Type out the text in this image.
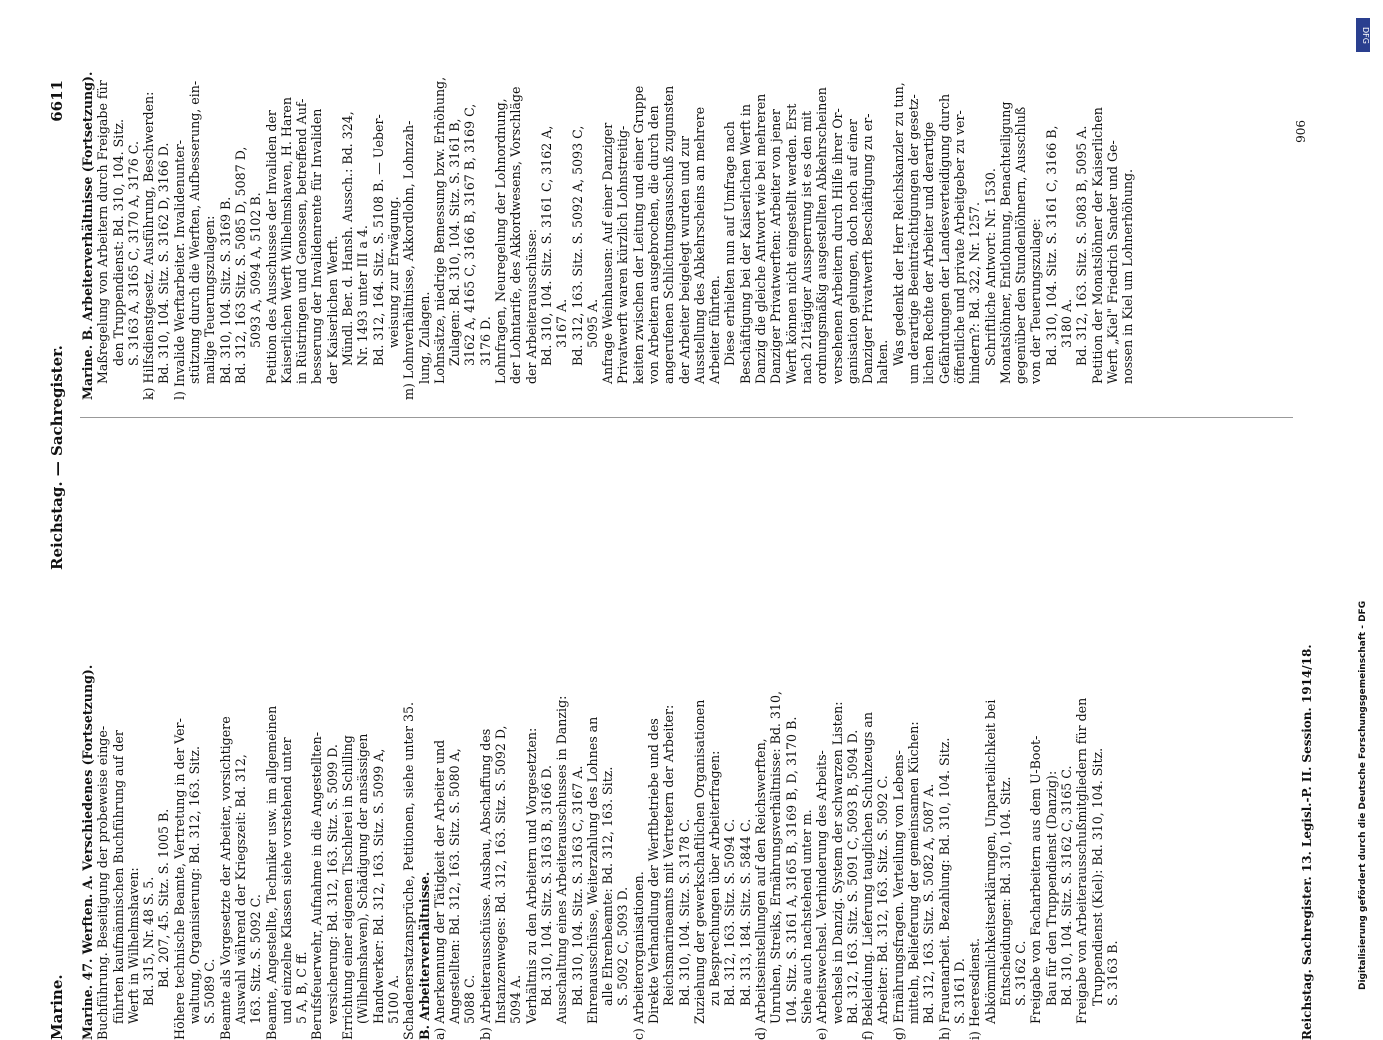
Marine.
Reichstag. — Sachregister.
6611
Marine. 47. Werften. A. Verschiedenes (Fortsetzung). Buchführung. Beseitigung der probeweise einge- führten kaufmännischen Buchführung auf der Werft in Wilhelmshaven: Bd. 315, Nr. 48 S. 5. Bd. 207, 45. Sitz. S. 1005 B. Höhere technische Beamte, Vertretung in der Ver- waltung, Organisierung: Bd. 312, 163. Sitz. S. 5089 C. Beamte als Vorgesetzte der Arbeiter, vorsichtigere Auswahl während der Kriegszeit: Bd. 312, 163. Sitz. S. 5092 C. Beamte, Angestellte, Techniker usw. im allgemeinen und einzelne Klassen siehe vorstehend unter 5 A, B, C ff. Berufsfeuerwehr, Aufnahme in die Angestellten- versicherung: Bd. 312, 163. Sitz. S. 5099 D. Errichtung einer eigenen Tischlerei in Schilling (Wilhelmshaven), Schädigung der ansässigen Handwerker: Bd. 312, 163. Sitz. S. 5099 A, 5100 A. Schadenersatzansprüche, Petitionen, siehe unter 35. B. Arbeiterverhältnisse. a) Anerkennung der Tätigkeit der Arbeiter und Angestellten: Bd. 312, 163. Sitz. S. 5080 A, 5088 C. b) Arbeiterausschüsse. Ausbau, Abschaffung des Instanzenweges: Bd. 312, 163. Sitz. S. 5092 D, 5094 A. Verhältnis zu den Arbeitern und Vorgesetzten: Bd. 310, 104. Sitz. S. 3163 B, 3166 D. Ausschaltung eines Arbeiterausschusses in Danzig: Bd. 310, 104. Sitz. S. 3163 C, 3167 A. Ehrenausschüsse, Weiterzahlung des Lohnes an alle Ehrenbeamte: Bd. 312, 163. Sitz. S. 5092 C, 5093 D. c) Arbeiterorganisationen. Direkte Verhandlung der Werftbetriebe und des Reichsmarineamts mit Vertretern der Arbeiter: Bd. 310, 104. Sitz. S. 3178 C. Zuziehung der gewerkschaftlichen Organisationen zu Besprechungen über Arbeiterfragen: Bd. 312, 163. Sitz. S. 5094 C. Bd. 313, 184. Sitz. S. 5844 C. d) Arbeitseinstellungen auf den Reichswerften, Unruhen, Streiks, Ernährungsverhältnisse: Bd. 310, 104. Sitz. S. 3161 A, 3165 B, 3169 B, D, 3170 B. Siehe auch nachstehend unter m. e) Arbeitswechsel. Verhinderung des Arbeits- wechsels in Danzig. System der schwarzen Listen: Bd. 312, 163. Sitz. S. 5091 C, 5093 B, 5094 D. f) Bekleidung. Lieferung tauglichen Schuhzeugs an Arbeiter: Bd. 312, 163. Sitz. S. 5092 C. g) Ernährungsfragen. Verteilung von Lebens- mitteln, Belieferung der gemeinsamen Küchen: Bd. 312, 163. Sitz. S. 5082 A, 5087 A. h) Frauenarbeit. Bezahlung: Bd. 310, 104. Sitz. S. 3161 D. i) Heeresdienst. Abkömmlichkeitserklärungen, Unparteilichkeit bei Entscheidungen: Bd. 310, 104. Sitz. S. 3162 C. Freigabe von Facharbeitern aus dem U-Boot- Bau für den Truppendienst (Danzig): Bd. 310, 104. Sitz. S. 3162 C, 3165 C. Freigabe von Arbeiterausschußmitgliedern für den Truppendienst (Kiel): Bd. 310, 104. Sitz. S. 3163 B.
Marine. B. Arbeiterverhältnisse (Fortsetzung). Maßregelung von Arbeitern durch Freigabe für den Truppendienst: Bd. 310, 104. Sitz. S. 3163 A, 3165 C, 3170 A, 3176 C. k) Hilfsdienstgesetz. Ausführung, Beschwerden: Bd. 310, 104. Sitz. S. 3162 D, 3166 D. l) Invalide Werftarbeiter. Invalidenunter- stützung durch die Werften, Aufbesserung, ein- malige Teuerungszulagen: Bd. 310, 104. Sitz. S. 3169 B. Bd. 312, 163 Sitz. S. 5085 D, 5087 D, 5093 A, 5094 A, 5102 B. Petition des Ausschusses der Invaliden der Kaiserlichen Werft Wilhelmshaven, H. Haren in Rüstringen und Genossen, betreffend Auf- besserung der Invalidenrente für Invaliden der Kaiserlichen Werft. Mündl. Ber. d. Hansh. Aussch.: Bd. 324, Nr. 1493 unter III a 4. Bd. 312, 164. Sitz. S. 5108 B. — Ueber- weisung zur Erwägung. m) Lohnverhältnisse, Akkordlohn, Lohnzah- lung, Zulagen. Lohnsätze, niedrige Bemessung bzw. Erhöhung, Zulagen: Bd. 310, 104. Sitz. S. 3161 B, 3162 A, 4165 C, 3166 B, 3167 B, 3169 C, 3176 D. Lohnfragen, Neuregelung der Lohnordnung, der Lohntarife, des Akkordwesens, Vorschläge der Arbeiterausschüsse: Bd. 310, 104. Sitz. S. 3161 C, 3162 A, 3167 A. Bd. 312, 163. Sitz. S. 5092 A, 5093 C, 5095 A. Anfrage Weinhausen: Auf einer Danziger Privatwerft waren kürzlich Lohnstreitig- keiten zwischen der Leitung und einer Gruppe von Arbeitern ausgebrochen, die durch den angerufenen Schlichtungsausschuß zugunsten der Arbeiter beigelegt wurden und zur Ausstellung des Abkehrscheins an mehrere Arbeiter führten. Diese erhielten nun auf Umfrage nach Beschäftigung bei der Kaiserlichen Werft in Danzig die gleiche Antwort wie bei mehreren Danziger Privatwerften: Arbeiter von jener Werft können nicht eingestellt werden. Erst nach 21tägiger Aussperrung ist es den mit ordnungsmäßig ausgestellten Abkehrscheinen versehenen Arbeitern durch Hilfe ihrer Or- ganisation gelungen, doch noch auf einer Danziger Privatwerft Beschäftigung zu er- halten. Was gedenkt der Herr Reichskanzler zu tun, um derartige Beeinträchtigungen der gesetz- lichen Rechte der Arbeiter und derartige Gefährdungen der Landesverteidigung durch öffentliche und private Arbeitgeber zu ver- hindern?: Bd. 322, Nr. 1257. Schriftliche Antwort: Nr. 1530. Monatslöhner, Entlohnung, Benachteiligung gegenüber den Stundenlöhnern, Ausschluß von der Teuerungszulage: Bd. 310, 104. Sitz. S. 3161 C, 3166 B, 3180 A. Bd. 312, 163. Sitz. S. 5083 B, 5095 A. Petition der Monatslöhner der Kaiserlichen Werft „Kiel" Friedrich Sander und Ge- nossen in Kiel um Lohnerhöhung.
Reichstag. Sachregister. 13. Legisl.-P. II. Session. 1914/18.
906
DFG
Digitalisierung gefördert durch die Deutsche Forschungsgemeinschaft - DFG
